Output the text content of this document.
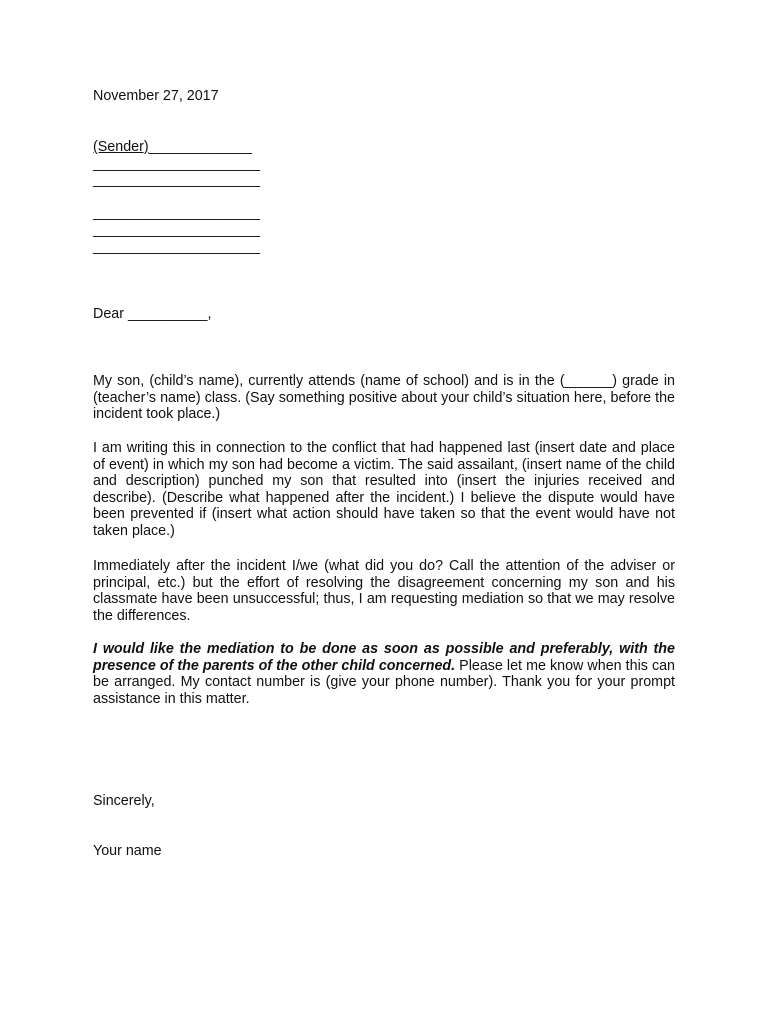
November 27, 2017

(Sender)_____________
_____________________
_____________________
_____________________
_____________________
_____________________

Dear __________,

My son, (child’s name), currently attends (name of school) and is in the (______) grade in (teacher’s name) class. (Say something positive about your child’s situation here, before the incident took place.)

I am writing this in connection to the conflict that had happened last (insert date and place of event) in which my son had become a victim. The said assailant, (insert name of the child and description) punched my son that resulted into (insert the injuries received and describe). (Describe what happened after the incident.) I believe the dispute would have been prevented if (insert what action should have taken so that the event would have not taken place.)

Immediately after the incident I/we (what did you do? Call the attention of the adviser or principal, etc.) but the effort of resolving the disagreement concerning my son and his classmate have been unsuccessful; thus, I am requesting mediation so that we may resolve the differences.

I would like the mediation to be done as soon as possible and preferably, with the presence of the parents of the other child concerned. Please let me know when this can be arranged. My contact number is (give your phone number). Thank you for your prompt assistance in this matter.

Sincerely,

Your name
